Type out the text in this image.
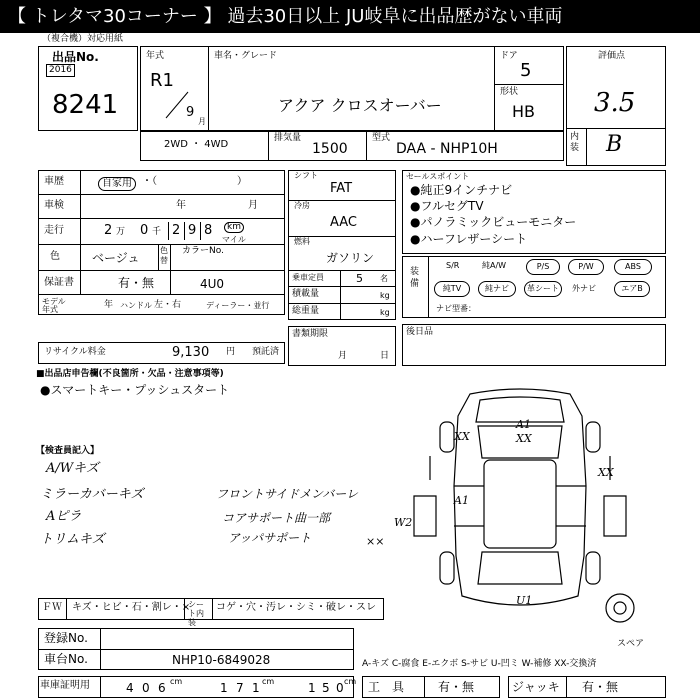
【 トレタマ30コーナー 】 過去30日以上 JU岐阜に出品歴がない車両
（複合機）対応用紙
出品No.
2016
8241
年式
R1
9
月
車名・グレード
アクア クロスオーバー
ドア
5
形状
HB
評価点
3.5
内装 B
2WD ・ 4WD
排気量
1500
型式
DAA - NHP10H
車歴	自家用	・（　　　　　　　　）
車検	年	月
走行	2 万 0 千 2 9 8	km
マイル
色	ベージュ
色替
カラーNo.
4U0
保証書	有・無
モデル年式	年 ハンドル 左・右	ディーラー・並行
リサイクル料金	9,130 円 預託済
シフト
FAT
冷房
AAC
燃料
ガソリン
乗車定員	5 名
積載量	kg
総重量	kg
書類期限
月	日
セールスポイント
●純正9インチナビ
●フルセグTV
●パノラミックビューモニター
●ハーフレザーシート
装備
S/R	純A/W	P/S	P/W	ABS
純TV	純ナビ	革シート	外ナビ	エアB
ナビ型番：
後日品
■出品店申告欄(不良箇所・欠品・注意事項等)
●スマートキー・プッシュスタート
【検査員記入】
A/Wキズ
ミラーカバーキズ
Aピラ
トリムキズ
フロントサイドメンバーレ
コアサポート曲一部
アッパサポート	××
A1
XX
XX
A1
W2
U1
XX
スペア
ＦＷ キズ・ヒビ・石・割レ・×
シート内装
コゲ・穴・汚レ・シミ・破レ・スレ
登録No.
車台No.	NHP10-6849028	A-キズ C-腐食 E-エクボ S-サビ U-凹ミ W-補修 XX-交換済
車庫証明用	4 0 6 cm	1 7 1 cm	1 5 0 cm 工　具	有・無	ジャッキ 有・無
